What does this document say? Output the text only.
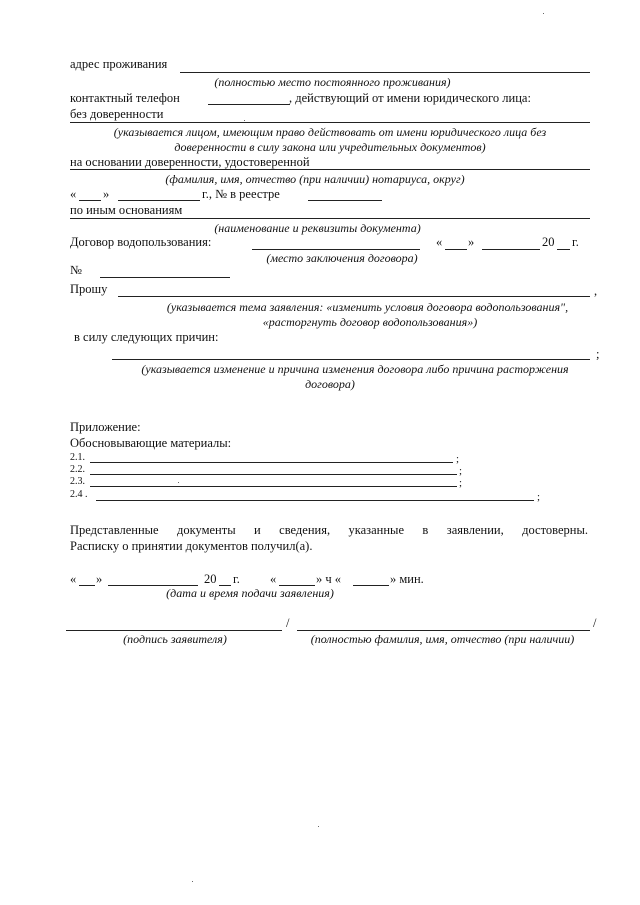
адрес проживания
(полностью место постоянного проживания)
контактный телефон	, действующий от имени юридического лица:
без доверенности
(указывается лицом, имеющим право действовать от имени юридического лица без
доверенности в силу закона или учредительных документов)
на основании доверенности, удостоверенной
(фамилия, имя, отчество (при наличии) нотариуса, округ)
« »	г., № в реестре
по иным основаниям
(наименование и реквизиты документа)
Договор водопользования:	« »	20 г.
(место заключения договора)
№
Прошу	,
(указывается тема заявления: «изменить условия договора водопользования",
«расторгнуть договор водопользования»)
в силу следующих причин:
;
(указывается изменение и причина изменения договора либо причина расторжения
договора)
Приложение:
Обосновывающие материалы:
2.1.	;
2.2.	;
2.3.	;
2.4 .	;
Представленные документы и сведения, указанные в заявлении, достоверны.
Расписку о принятии документов получил(а).
« »	20 г. «	» ч «	» мин.
(дата и время подачи заявления)
/	/
(подпись заявителя)	(полностью фамилия, имя, отчество (при наличии)
